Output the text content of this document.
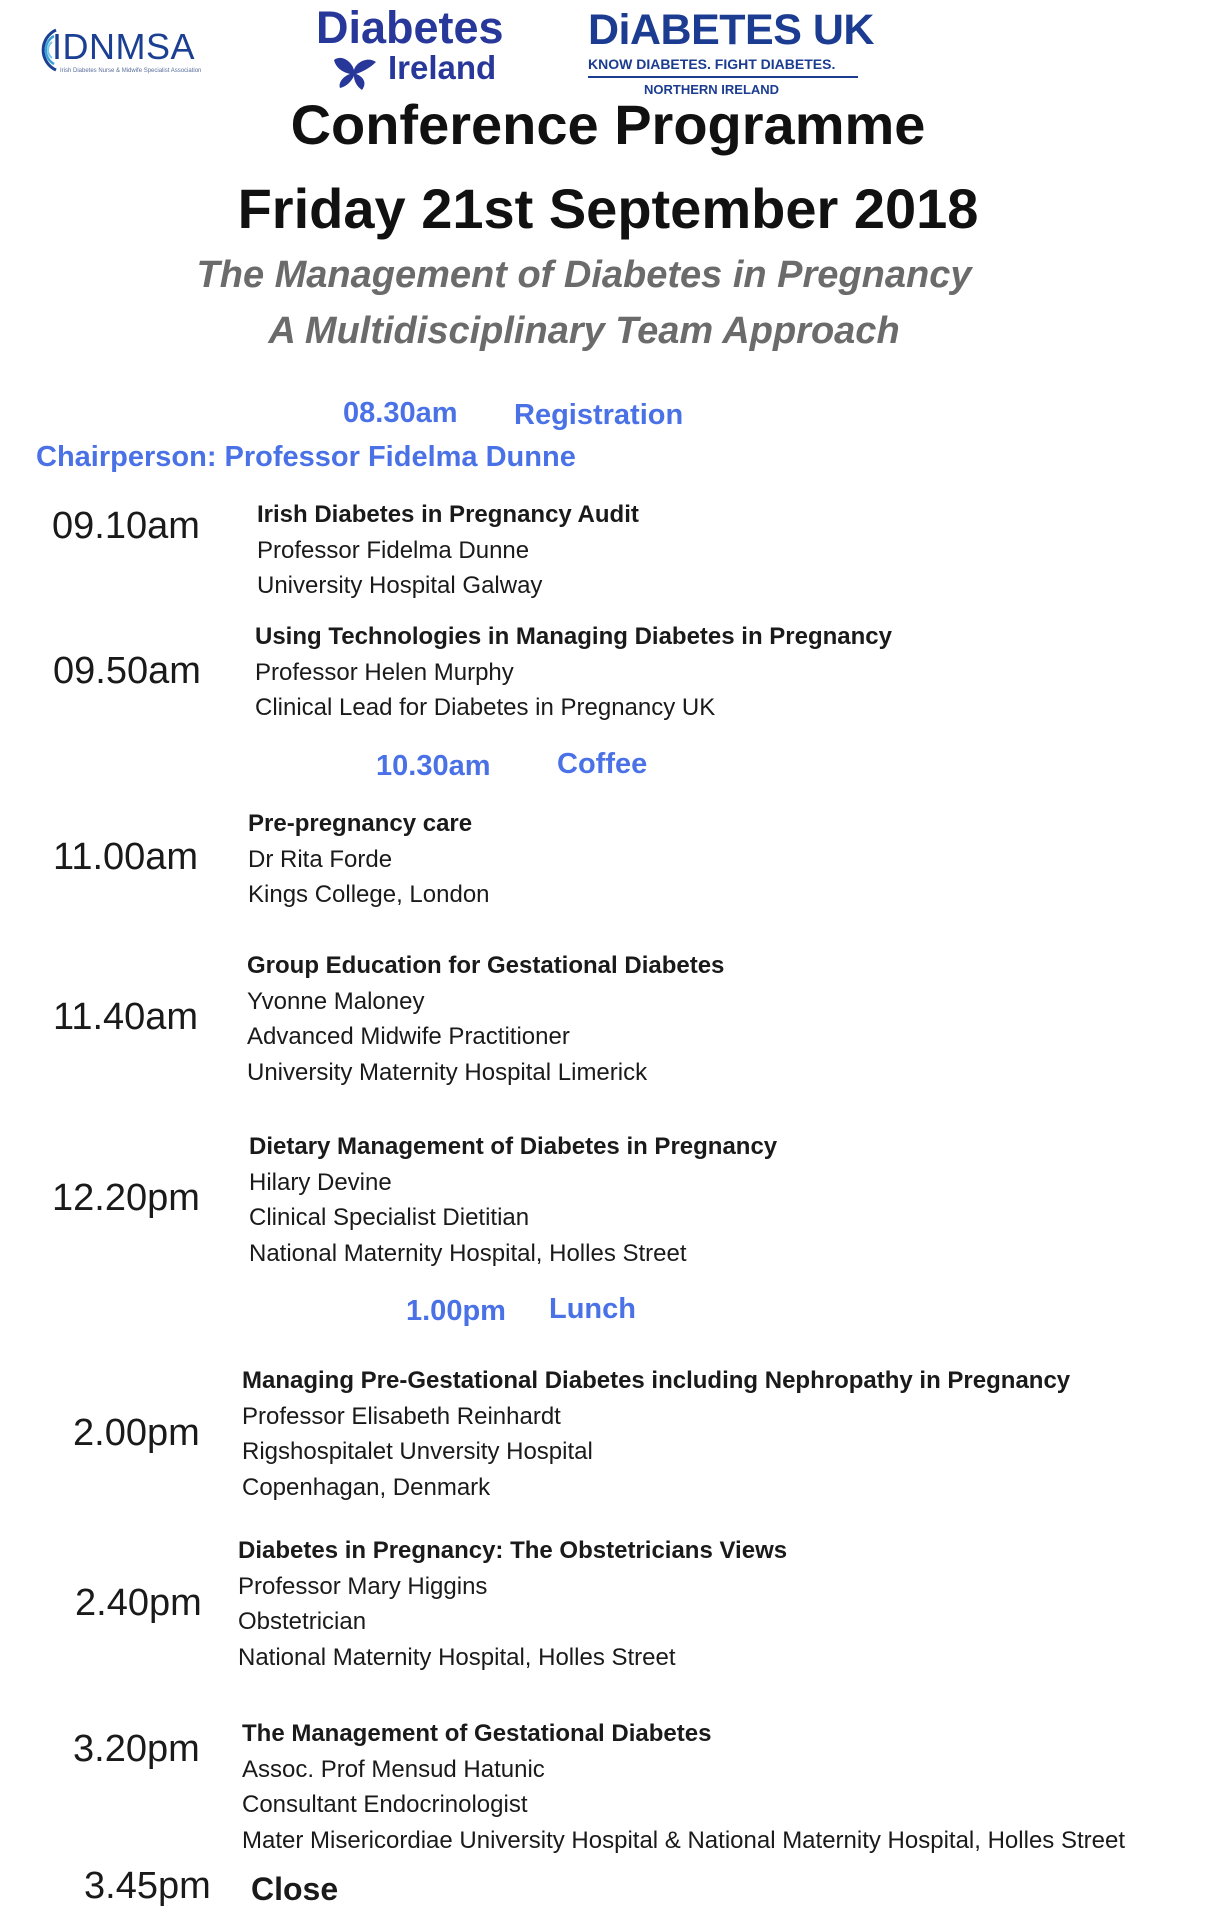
IDNMSA
Irish Diabetes Nurse & Midwife Specialist Association
Diabetes
Ireland
DiABETES UK
KNOW DIABETES. FIGHT DIABETES.
NORTHERN IRELAND
Conference Programme
Friday 21st September 2018
The Management of Diabetes in Pregnancy
A Multidisciplinary Team Approach
08.30am Registration
Chairperson: Professor Fidelma Dunne
09.10am Irish Diabetes in Pregnancy Audit
Professor Fidelma Dunne
University Hospital Galway
09.50am
Using Technologies in Managing Diabetes in Pregnancy
Professor Helen Murphy
Clinical Lead for Diabetes in Pregnancy UK
10.30am Coffee
11.00am
Pre-pregnancy care
Dr Rita Forde
Kings College, London
11.40am
Group Education for Gestational Diabetes
Yvonne Maloney
Advanced Midwife Practitioner
University Maternity Hospital Limerick
12.20pm
Dietary Management of Diabetes in Pregnancy
Hilary Devine
Clinical Specialist Dietitian
National Maternity Hospital, Holles Street
1.00pm Lunch
2.00pm
Managing Pre-Gestational Diabetes including Nephropathy in Pregnancy
Professor Elisabeth Reinhardt
Rigshospitalet Unversity Hospital
Copenhagan, Denmark
2.40pm
Diabetes in Pregnancy: The Obstetricians Views
Professor Mary Higgins
Obstetrician
National Maternity Hospital, Holles Street
3.20pm The Management of Gestational Diabetes
Assoc. Prof Mensud Hatunic
Consultant Endocrinologist
Mater Misericordiae University Hospital & National Maternity Hospital, Holles Street
3.45pm Close
